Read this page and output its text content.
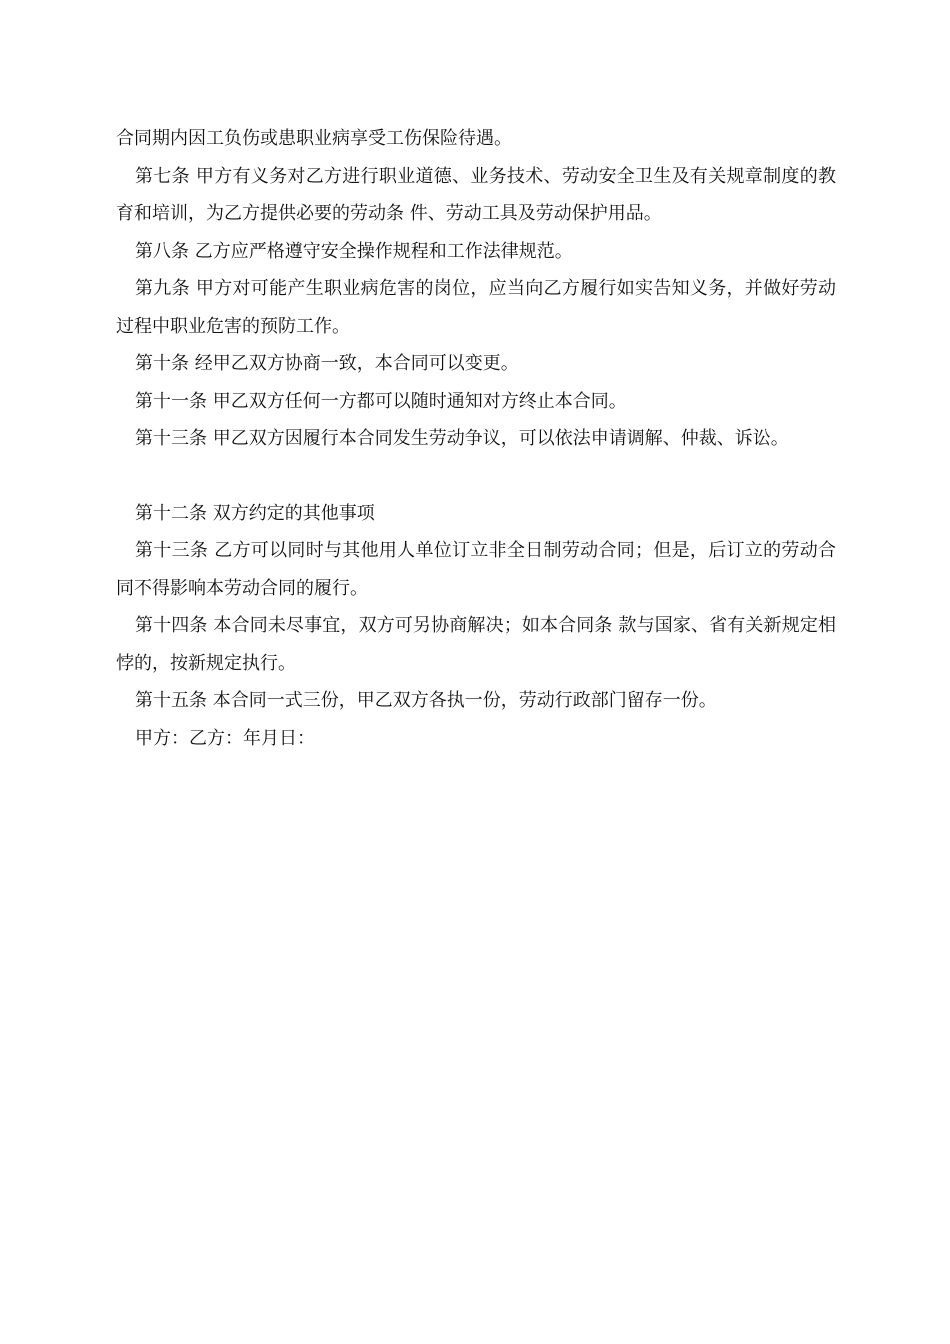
合同期内因工负伤或患职业病享受工伤保险待遇。

第七条 甲方有义务对乙方进行职业道德、业务技术、劳动安全卫生及有关规章制度的教育和培训，为乙方提供必要的劳动条 件、劳动工具及劳动保护用品。

第八条 乙方应严格遵守安全操作规程和工作法律规范。

第九条 甲方对可能产生职业病危害的岗位，应当向乙方履行如实告知义务，并做好劳动过程中职业危害的预防工作。

第十条 经甲乙双方协商一致，本合同可以变更。

第十一条 甲乙双方任何一方都可以随时通知对方终止本合同。

第十三条 甲乙双方因履行本合同发生劳动争议，可以依法申请调解、仲裁、诉讼。

第十二条 双方约定的其他事项

第十三条 乙方可以同时与其他用人单位订立非全日制劳动合同；但是，后订立的劳动合同不得影响本劳动合同的履行。

第十四条 本合同未尽事宜，双方可另协商解决；如本合同条 款与国家、省有关新规定相悖的，按新规定执行。

第十五条 本合同一式三份，甲乙双方各执一份，劳动行政部门留存一份。

甲方：乙方：年月日：
